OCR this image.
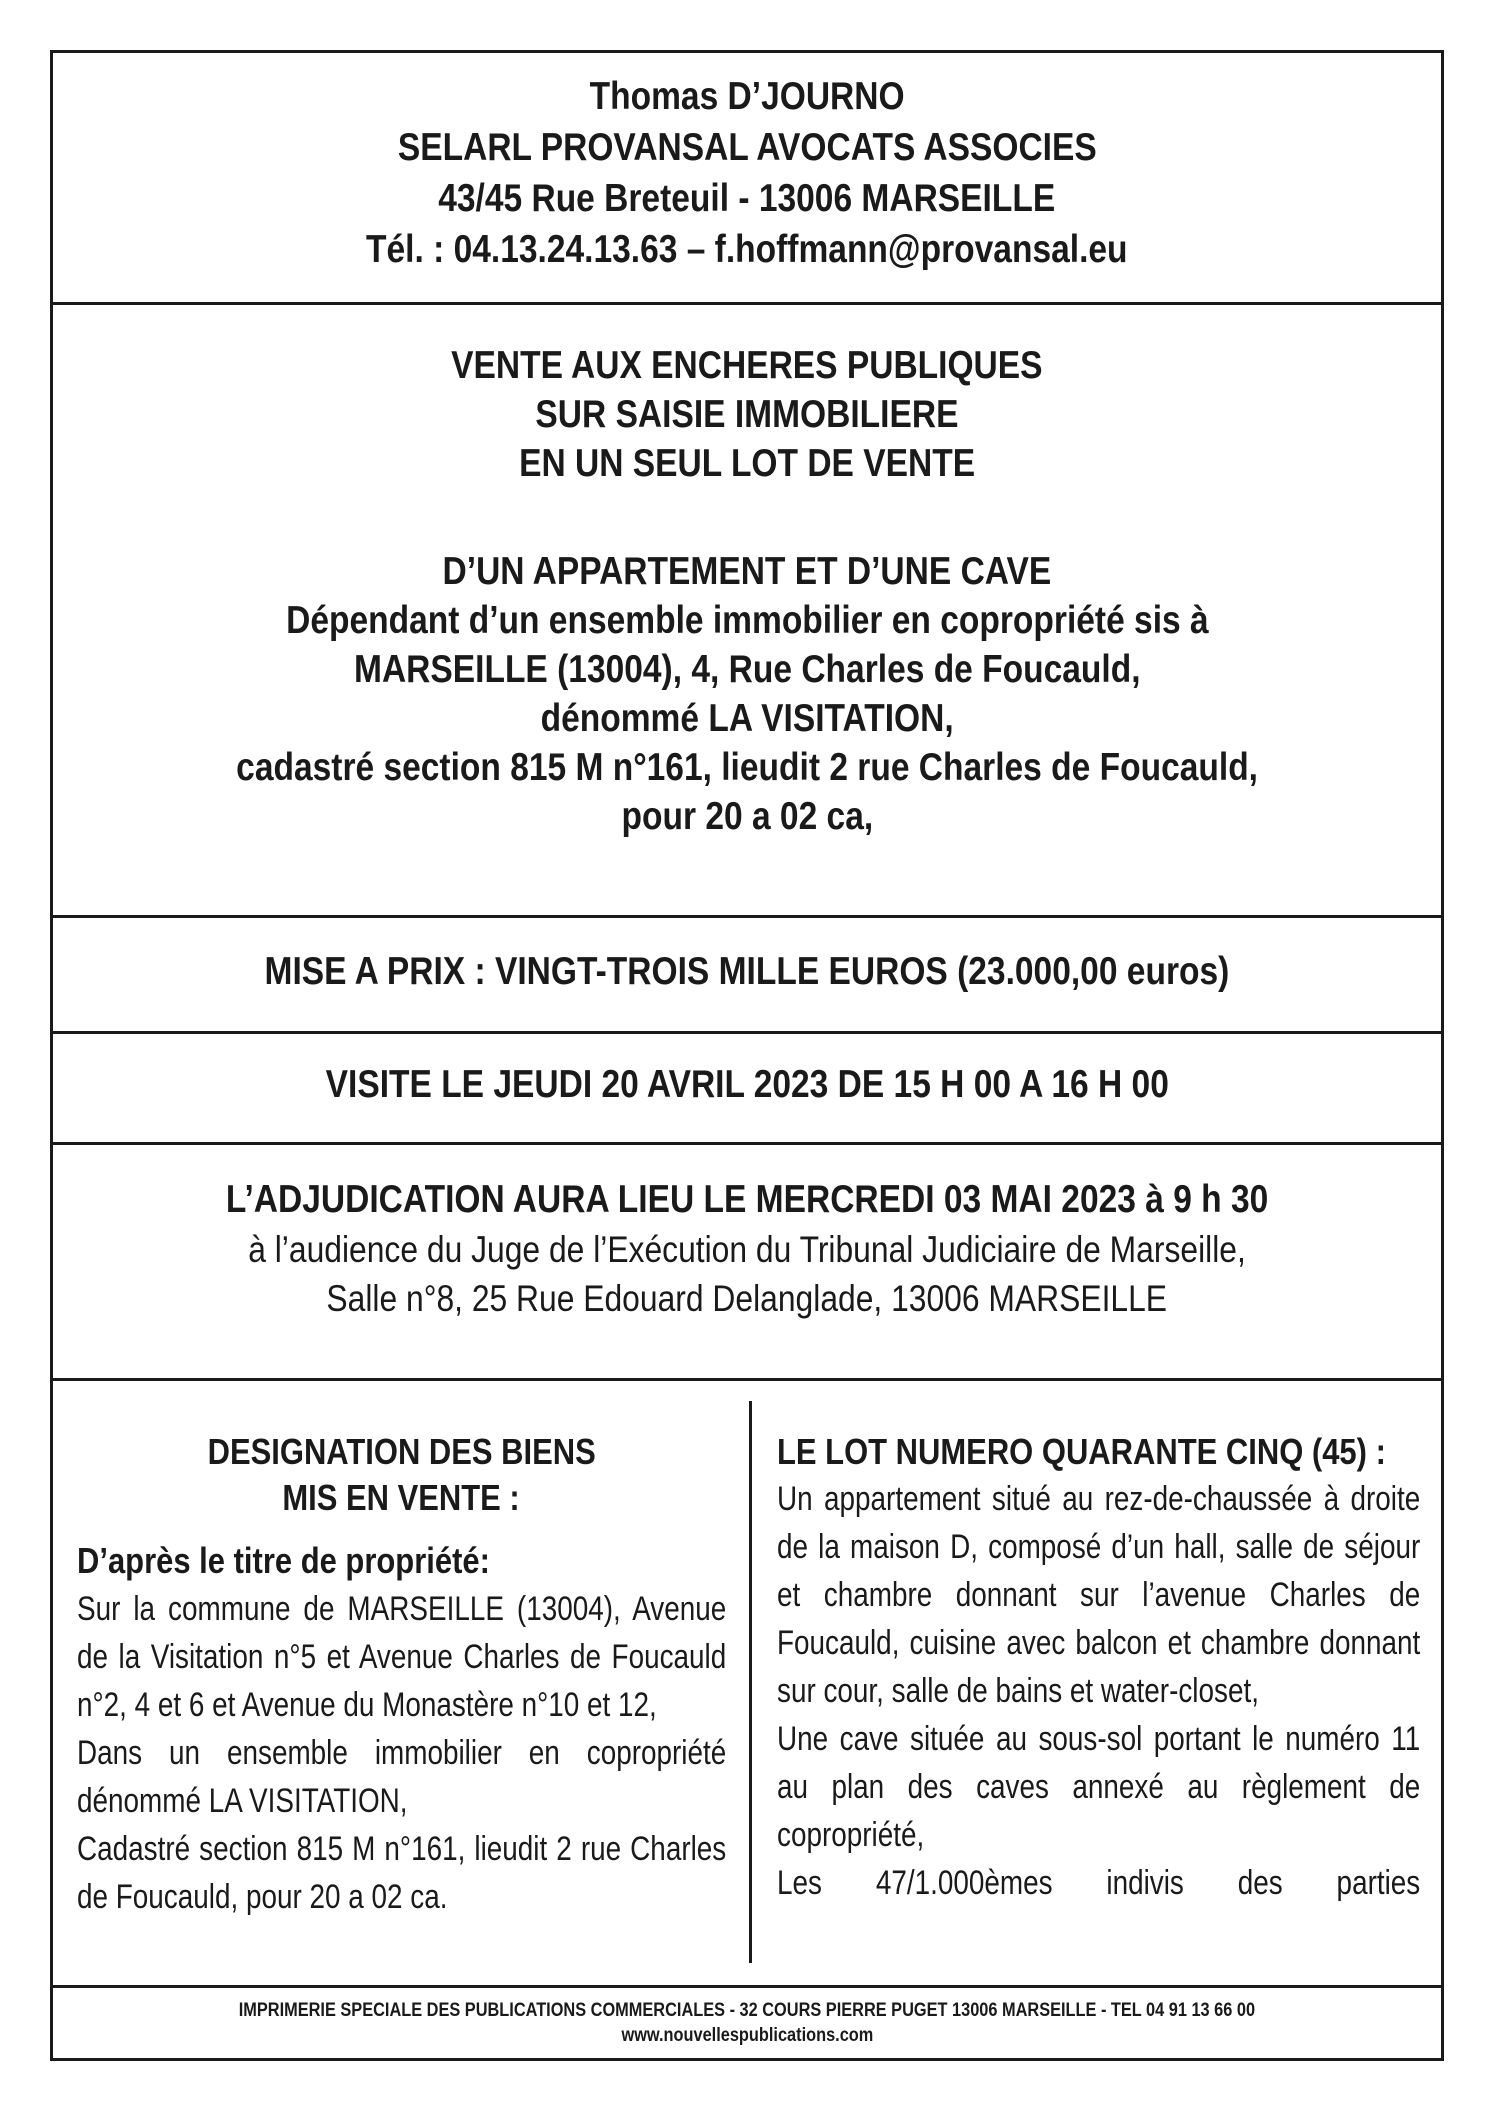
Thomas D’JOURNO
SELARL PROVANSAL AVOCATS ASSOCIES
43/45 Rue Breteuil - 13006 MARSEILLE
Tél. : 04.13.24.13.63 – f.hoffmann@provansal.eu
VENTE AUX ENCHERES PUBLIQUES
SUR SAISIE IMMOBILIERE
EN UN SEUL LOT DE VENTE
D’UN APPARTEMENT ET D’UNE CAVE
Dépendant d’un ensemble immobilier en copropriété sis à
MARSEILLE (13004), 4, Rue Charles de Foucauld,
dénommé LA VISITATION,
cadastré section 815 M n°161, lieudit 2 rue Charles de Foucauld,
pour 20 a 02 ca,
MISE A PRIX : VINGT-TROIS MILLE EUROS (23.000,00 euros)
VISITE LE JEUDI 20 AVRIL 2023 DE 15 H 00 A 16 H 00
L’ADJUDICATION AURA LIEU LE MERCREDI 03 MAI 2023 à 9 h 30
à l’audience du Juge de l’Exécution du Tribunal Judiciaire de Marseille,
Salle n°8, 25 Rue Edouard Delanglade, 13006 MARSEILLE
DESIGNATION DES BIENS
MIS EN VENTE :
D’après le titre de propriété:
Sur la commune de MARSEILLE (13004), Avenue de la Visitation n°5 et Avenue Charles de Foucauld n°2, 4 et 6 et Avenue du Monastère n°10 et 12,
Dans un ensemble immobilier en copropriété dénommé LA VISITATION,
Cadastré section 815 M n°161, lieudit 2 rue Charles de Foucauld, pour 20 a 02 ca.
LE LOT NUMERO QUARANTE CINQ (45) :
Un appartement situé au rez-de-chaussée à droite de la maison D, composé d’un hall, salle de séjour et chambre donnant sur l’avenue Charles de Foucauld, cuisine avec balcon et chambre donnant sur cour, salle de bains et water-closet,
Une cave située au sous-sol portant le numéro 11 au plan des caves annexé au règlement de copropriété,
Les 47/1.000èmes indivis des parties
IMPRIMERIE SPECIALE DES PUBLICATIONS COMMERCIALES - 32 COURS PIERRE PUGET 13006 MARSEILLE - TEL 04 91 13 66 00
www.nouvellespublications.com
